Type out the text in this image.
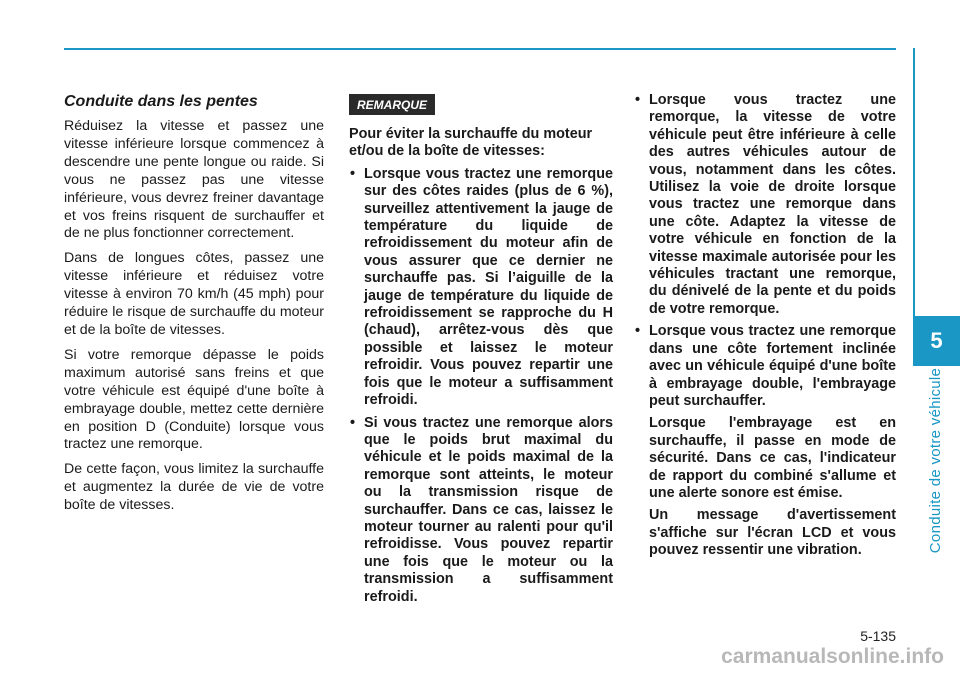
5
Conduite de votre véhicule
Conduite dans les pentes

Réduisez la vitesse et passez une vitesse inférieure lorsque commencez à descendre une pente longue ou raide. Si vous ne passez pas une vitesse inférieure, vous devrez freiner davantage et vos freins risquent de surchauffer et de ne plus fonctionner correctement.

Dans de longues côtes, passez une vitesse inférieure et réduisez votre vitesse à environ 70 km/h (45 mph) pour réduire le risque de surchauffe du moteur et de la boîte de vitesses.

Si votre remorque dépasse le poids maximum autorisé sans freins et que votre véhicule est équipé d'une boîte à embrayage double, mettez cette dernière en position D (Conduite) lorsque vous tractez une remorque.

De cette façon, vous limitez la surchauffe et augmentez la durée de vie de votre boîte de vitesses.

REMARQUE

Pour éviter la surchauffe du moteur et/ou de la boîte de vitesses:

• Lorsque vous tractez une remorque sur des côtes raides (plus de 6 %), surveillez attentivement la jauge de température du liquide de refroidissement du moteur afin de vous assurer que ce dernier ne surchauffe pas. Si l’aiguille de la jauge de température du liquide de refroidissement se rapproche du H (chaud), arrêtez-vous dès que possible et laissez le moteur refroidir. Vous pouvez repartir une fois que le moteur a suffisamment refroidi.

• Si vous tractez une remorque alors que le poids brut maximal du véhicule et le poids maximal de la remorque sont atteints, le moteur ou la transmission risque de surchauffer. Dans ce cas, laissez le moteur tourner au ralenti pour qu'il refroidisse. Vous pouvez repartir une fois que le moteur ou la transmission a suffisamment refroidi.

• Lorsque vous tractez une remorque, la vitesse de votre véhicule peut être inférieure à celle des autres véhicules autour de vous, notamment dans les côtes. Utilisez la voie de droite lorsque vous tractez une remorque dans une côte. Adaptez la vitesse de votre véhicule en fonction de la vitesse maximale autorisée pour les véhicules tractant une remorque, du dénivelé de la pente et du poids de votre remorque.

• Lorsque vous tractez une remorque dans une côte fortement inclinée avec un véhicule équipé d'une boîte à embrayage double, l'embrayage peut surchauffer.

Lorsque l'embrayage est en surchauffe, il passe en mode de sécurité. Dans ce cas, l'indicateur de rapport du combiné s'allume et une alerte sonore est émise.

Un message d'avertissement s'affiche sur l'écran LCD et vous pouvez ressentir une vibration.

5-135
carmanualsonline.info
